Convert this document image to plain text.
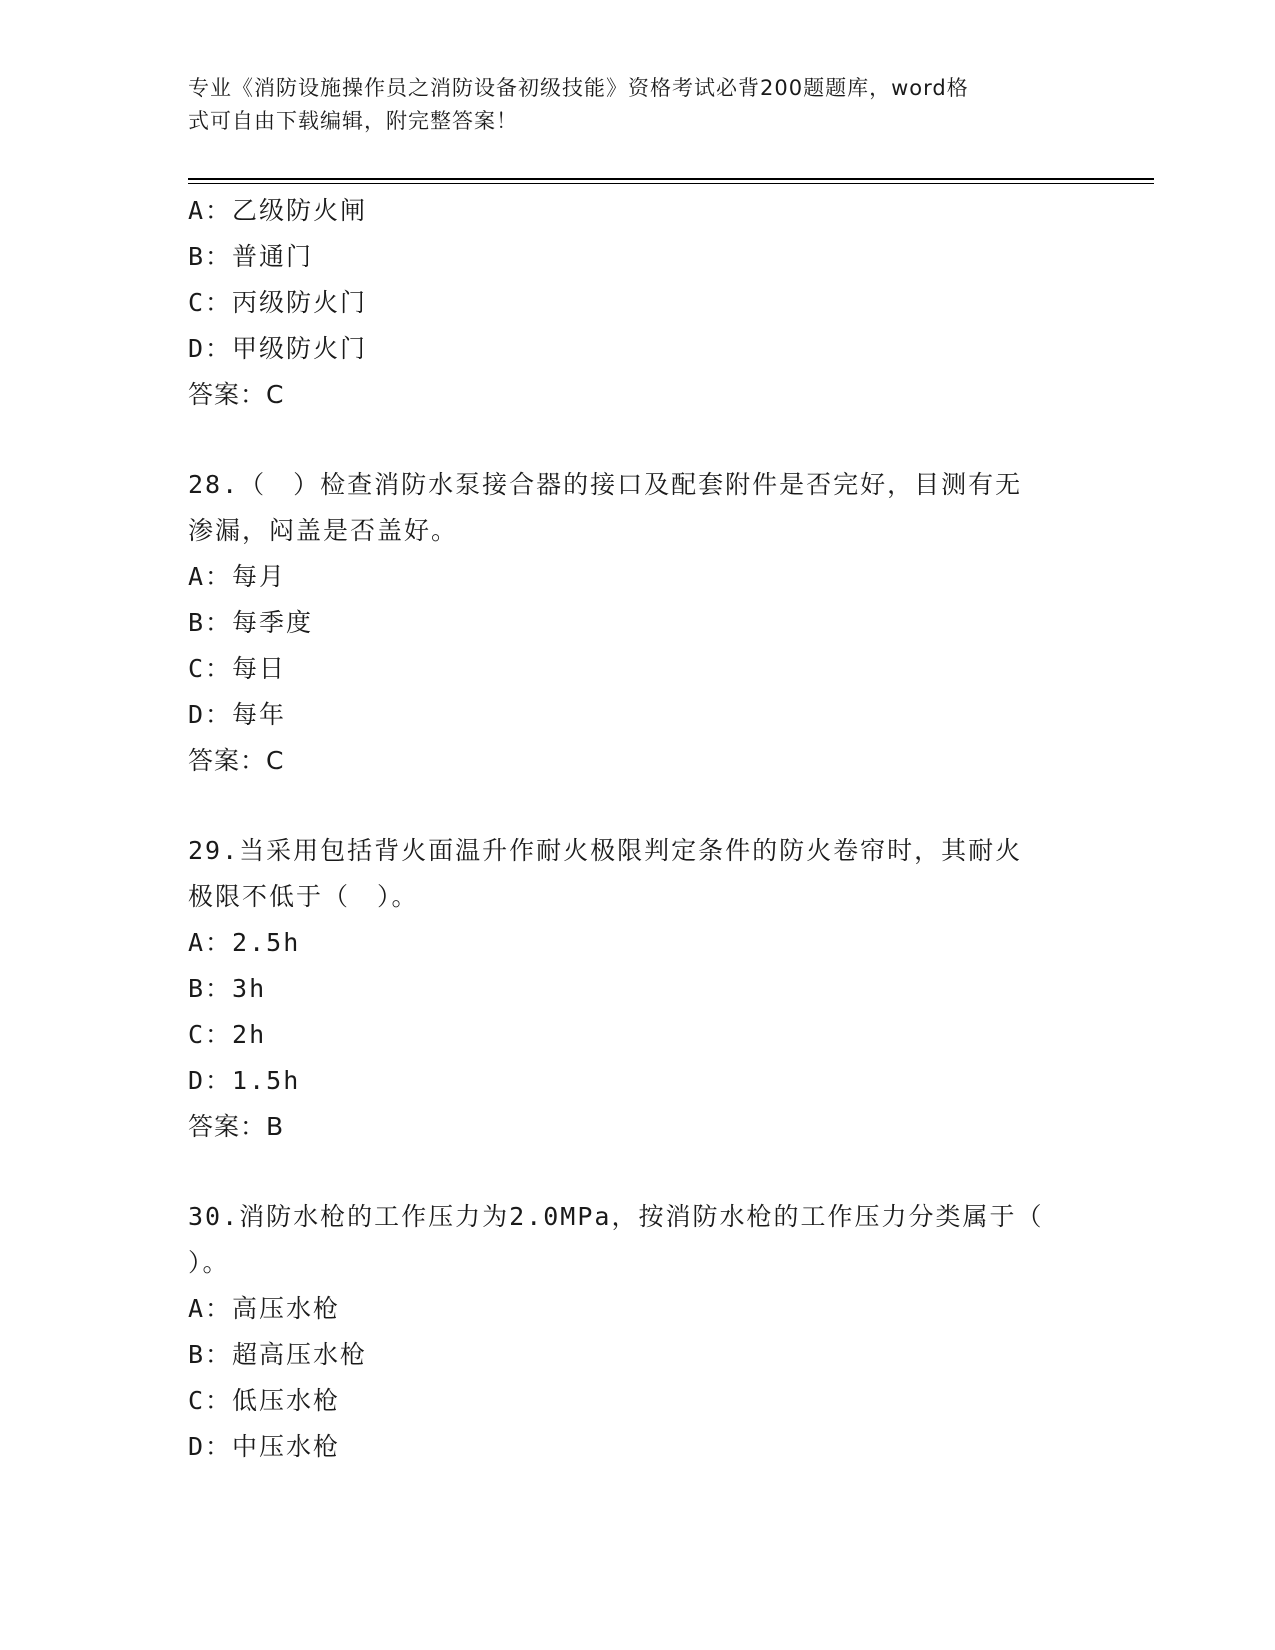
专业《消防设施操作员之消防设备初级技能》资格考试必背200题题库，word格
式可自由下载编辑，附完整答案！
A：乙级防火闸
B：普通门
C：丙级防火门
D：甲级防火门
答案：C
28.（　）检查消防水泵接合器的接口及配套附件是否完好，目测有无
渗漏，闷盖是否盖好。
A：每月
B：每季度
C：每日
D：每年
答案：C
29.当采用包括背火面温升作耐火极限判定条件的防火卷帘时，其耐火
极限不低于（　）。
A：2.5h
B：3h
C：2h
D：1.5h
答案：B
30.消防水枪的工作压力为2.0MPa，按消防水枪的工作压力分类属于（
）。
A：高压水枪
B：超高压水枪
C：低压水枪
D：中压水枪
